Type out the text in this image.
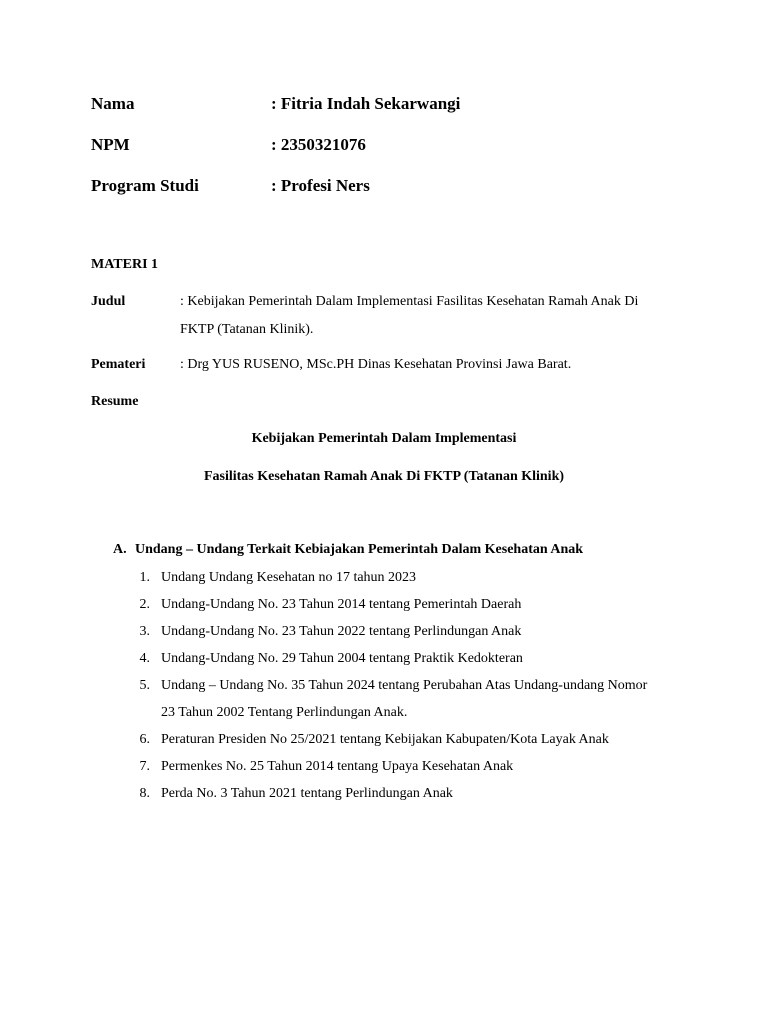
Nama	: Fitria Indah Sekarwangi
NPM	: 2350321076
Program Studi	: Profesi Ners
MATERI 1
Judul	: Kebijakan Pemerintah Dalam Implementasi Fasilitas Kesehatan Ramah Anak Di
FKTP (Tatanan Klinik).
Pemateri : Drg YUS RUSENO, MSc.PH Dinas Kesehatan Provinsi Jawa Barat.
Resume
Kebijakan Pemerintah Dalam Implementasi
Fasilitas Kesehatan Ramah Anak Di FKTP (Tatanan Klinik)
A. Undang – Undang Terkait Kebiajakan Pemerintah Dalam Kesehatan Anak
1. Undang Undang Kesehatan no 17 tahun 2023
2. Undang-Undang No. 23 Tahun 2014 tentang Pemerintah Daerah
3. Undang-Undang No. 23 Tahun 2022 tentang Perlindungan Anak
4. Undang-Undang No. 29 Tahun 2004 tentang Praktik Kedokteran
5. Undang – Undang No. 35 Tahun 2024 tentang Perubahan Atas Undang-undang Nomor
23 Tahun 2002 Tentang Perlindungan Anak.
6. Peraturan Presiden No 25/2021 tentang Kebijakan Kabupaten/Kota Layak Anak
7. Permenkes No. 25 Tahun 2014 tentang Upaya Kesehatan Anak
8. Perda No. 3 Tahun 2021 tentang Perlindungan Anak
